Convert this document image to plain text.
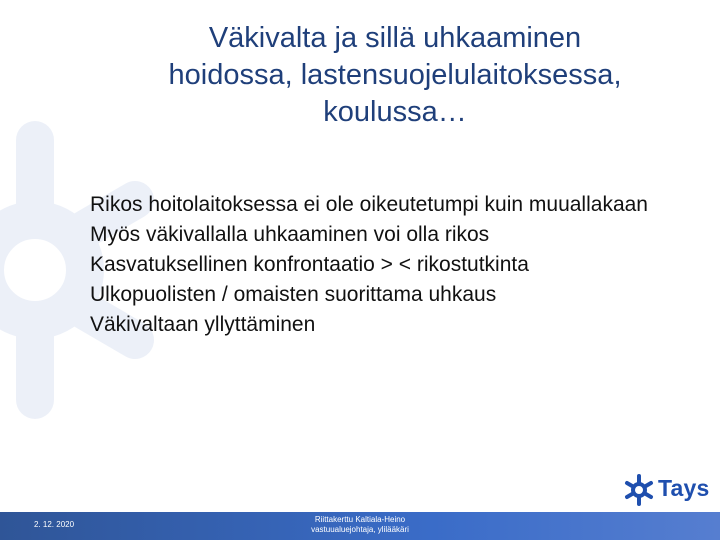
Väkivalta ja sillä uhkaaminen
hoidossa, lastensuojelulaitoksessa,
koulussa…
Rikos hoitolaitoksessa ei ole oikeutetumpi kuin muuallakaan
Myös väkivallalla uhkaaminen voi olla rikos
Kasvatuksellinen konfrontaatio > < rikostutkinta
Ulkopuolisten / omaisten suorittama uhkaus
Väkivaltaan yllyttäminen
Tays
2. 12. 2020
Riittakerttu Kaltiala-Heino
vastuualuejohtaja, ylilääkäri
